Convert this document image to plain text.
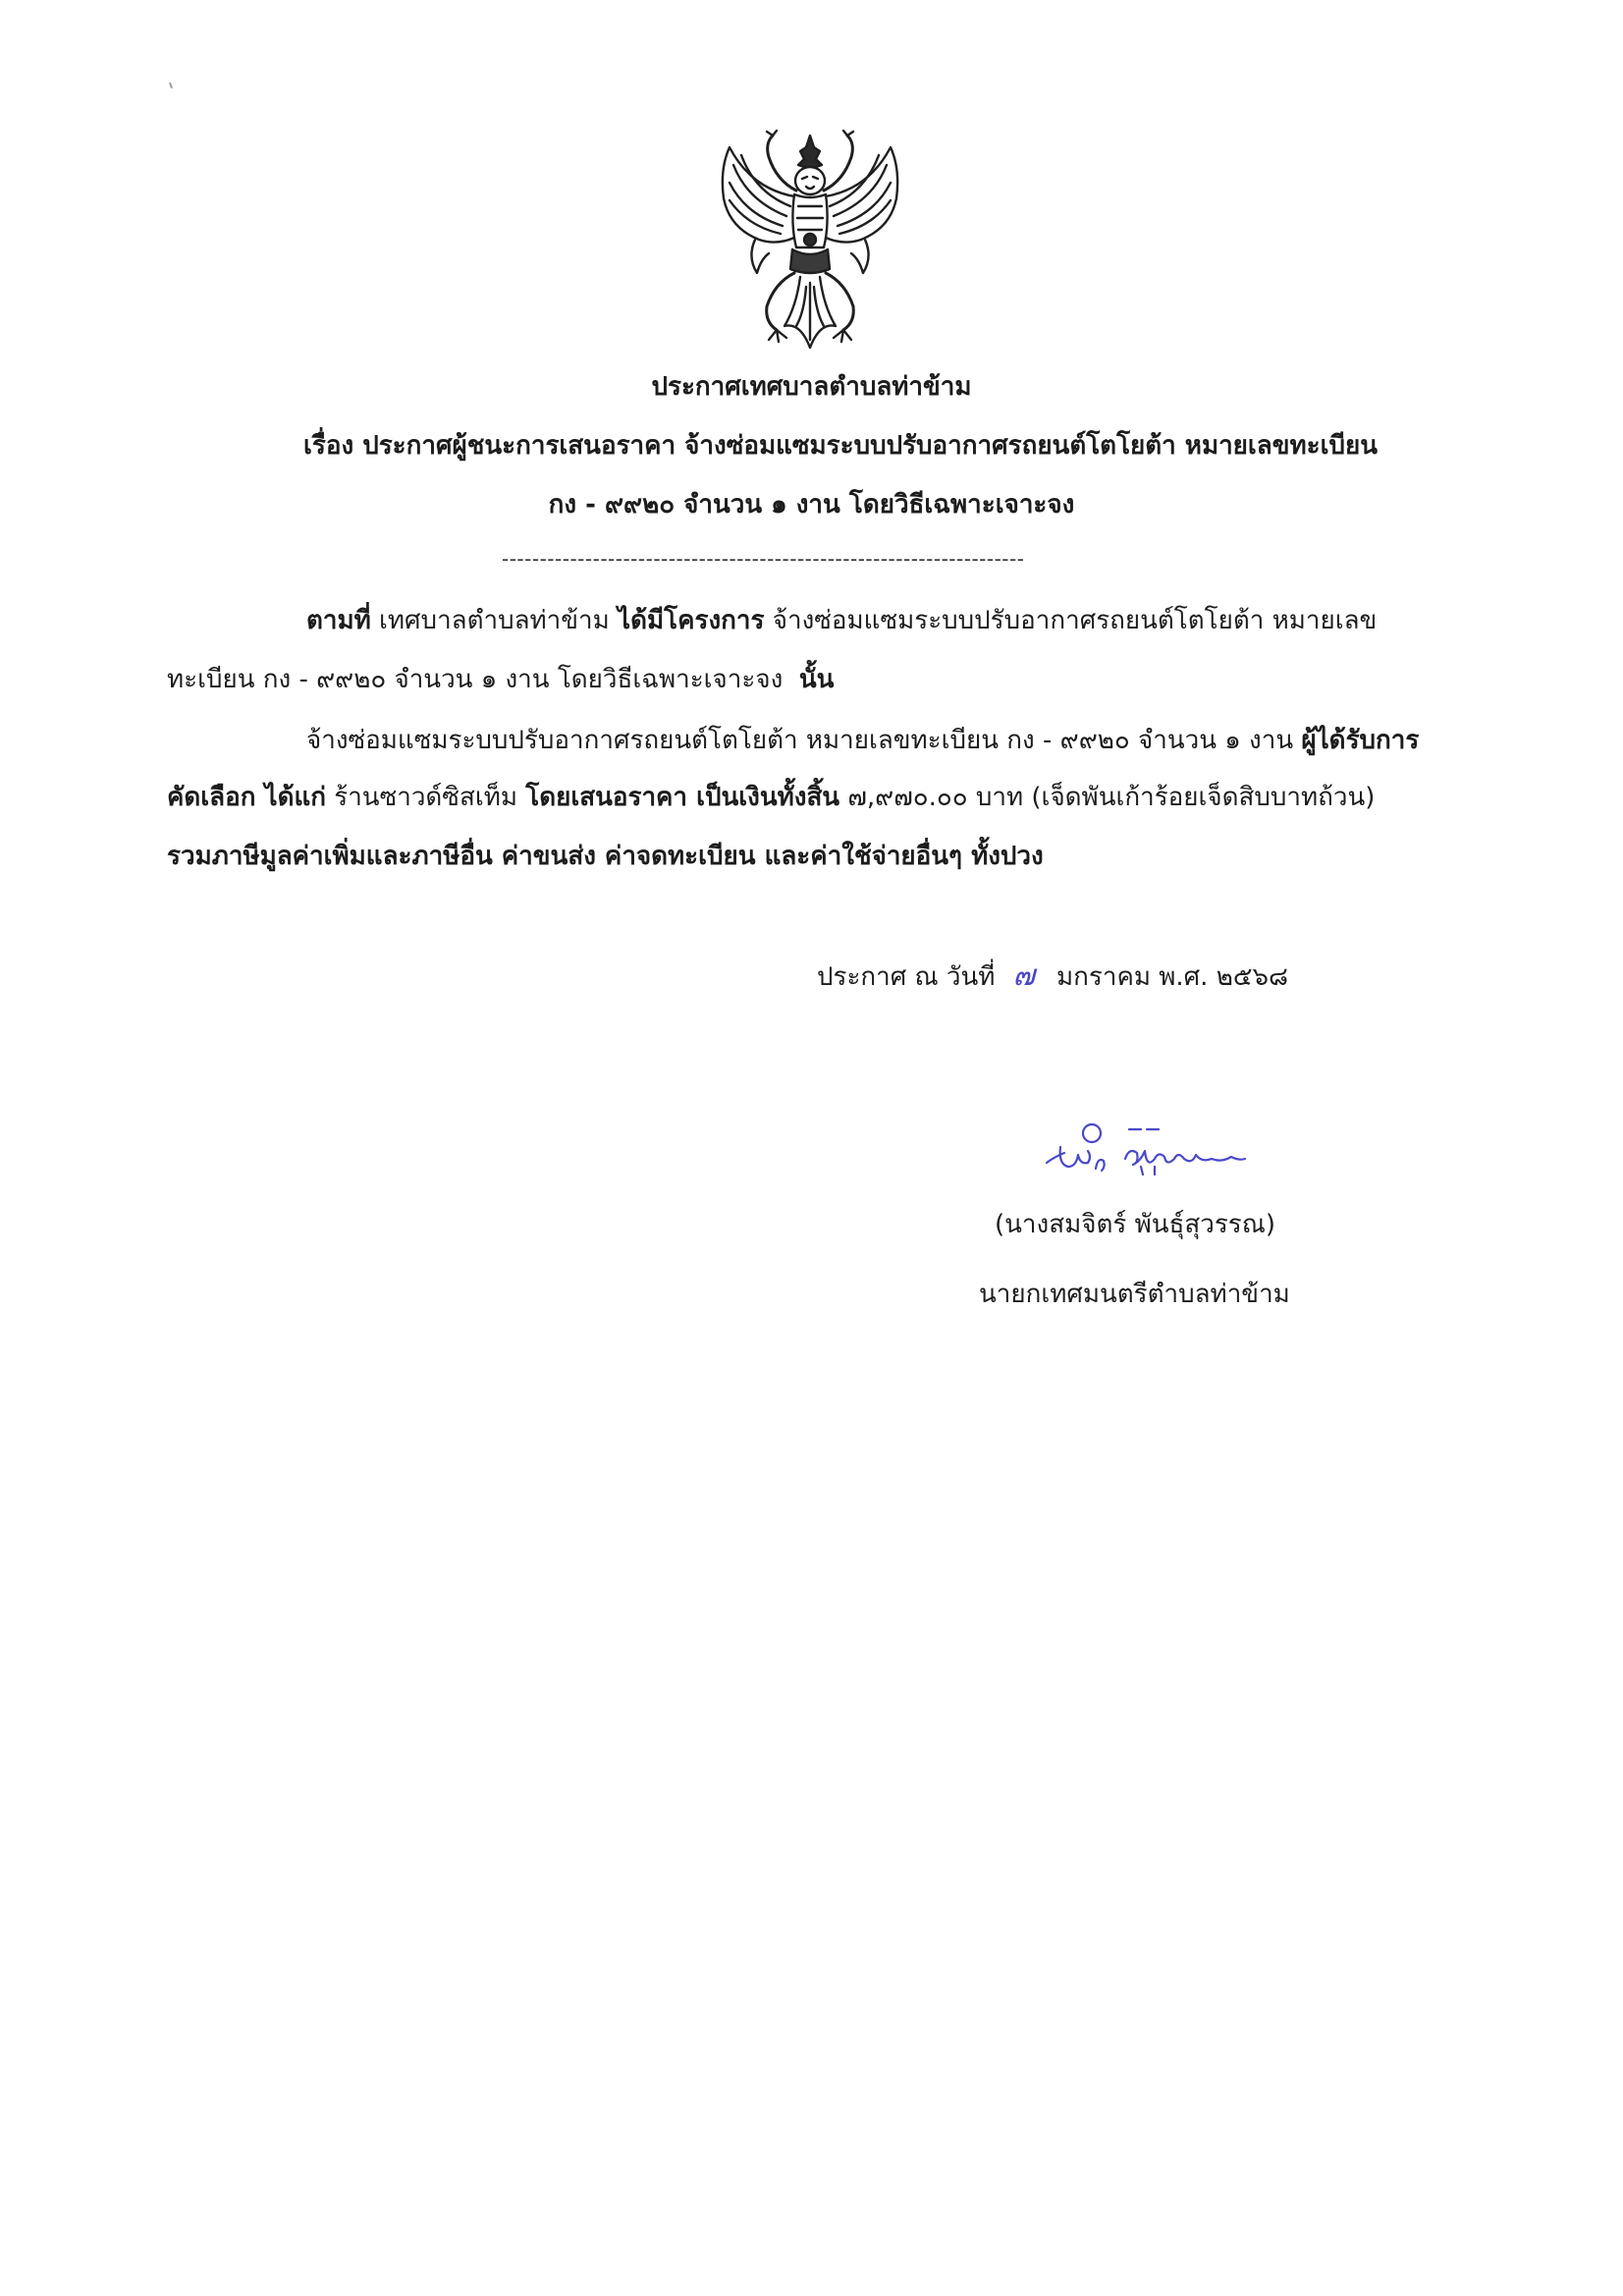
ประกาศเทศบาลตำบลท่าข้าม
เรื่อง ประกาศผู้ชนะการเสนอราคา จ้างซ่อมแซมระบบปรับอากาศรถยนต์โตโยต้า หมายเลขทะเบียน
กง - ๙๙๒๐ จำนวน ๑ งาน โดยวิธีเฉพาะเจาะจง
---------------------------------------------------------------------
ตามที่ เทศบาลตำบลท่าข้าม ได้มีโครงการ จ้างซ่อมแซมระบบปรับอากาศรถยนต์โตโยต้า หมายเลข
ทะเบียน กง - ๙๙๒๐ จำนวน ๑ งาน โดยวิธีเฉพาะเจาะจง นั้น
จ้างซ่อมแซมระบบปรับอากาศรถยนต์โตโยต้า หมายเลขทะเบียน กง - ๙๙๒๐ จำนวน ๑ งาน ผู้ได้รับการ
คัดเลือก ได้แก่ ร้านซาวด์ซิสเท็ม โดยเสนอราคา เป็นเงินทั้งสิ้น ๗,๙๗๐.๐๐ บาท (เจ็ดพันเก้าร้อยเจ็ดสิบบาทถ้วน)
รวมภาษีมูลค่าเพิ่มและภาษีอื่น ค่าขนส่ง ค่าจดทะเบียน และค่าใช้จ่ายอื่นๆ ทั้งปวง
ประกาศ ณ วันที่ ๗ มกราคม พ.ศ. ๒๕๖๘
(นางสมจิตร์ พันธุ์สุวรรณ)
นายกเทศมนตรีตำบลท่าข้าม
